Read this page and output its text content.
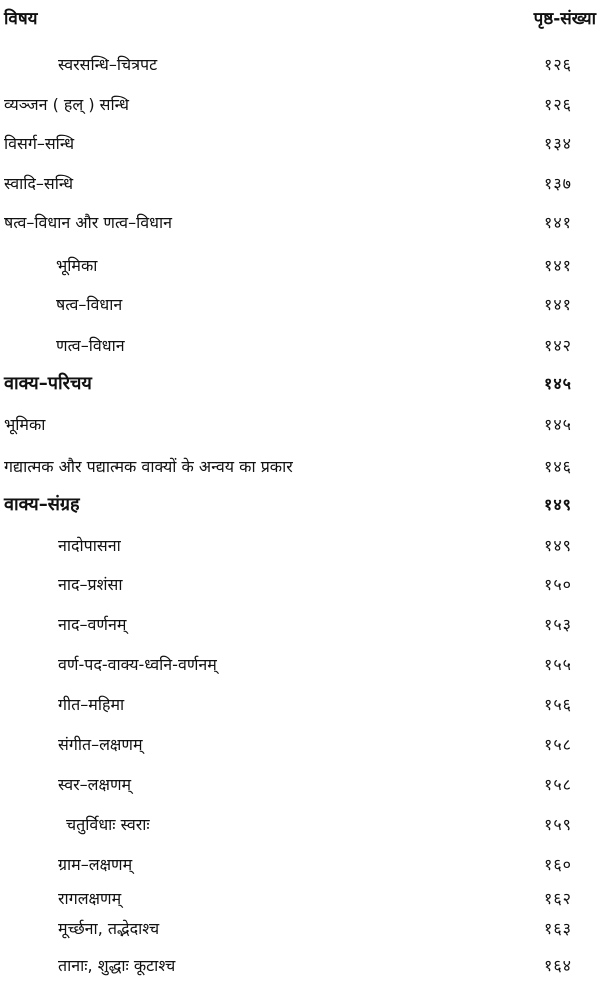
विषय	पृष्ठ-संख्या
स्वरसन्धि–चित्रपट	१२६
व्यञ्जन ( हल् ) सन्धि	१२६
विसर्ग–सन्धि	१३४
स्वादि–सन्धि	१३७
षत्व–विधान और णत्व–विधान	१४१
भूमिका	१४१
षत्व–विधान	१४१
णत्व–विधान	१४२
वाक्य–परिचय	१४५
भूमिका	१४५
गद्यात्मक और पद्यात्मक वाक्यों के अन्वय का प्रकार	१४६
वाक्य–संग्रह	१४९
नादोपासना	१४९
नाद–प्रशंसा	१५०
नाद–वर्णनम्	१५३
वर्ण-पद-वाक्य-ध्वनि-वर्णनम्	१५५
गीत–महिमा	१५६
संगीत–लक्षणम्	१५८
स्वर–लक्षणम्	१५८
चतुर्विधाः स्वराः	१५९
ग्राम–लक्षणम्	१६०
रागलक्षणम्	१६२
मूर्च्छना, तद्भेदाश्च	१६३
तानाः, शुद्धाः कूटाश्च	१६४
